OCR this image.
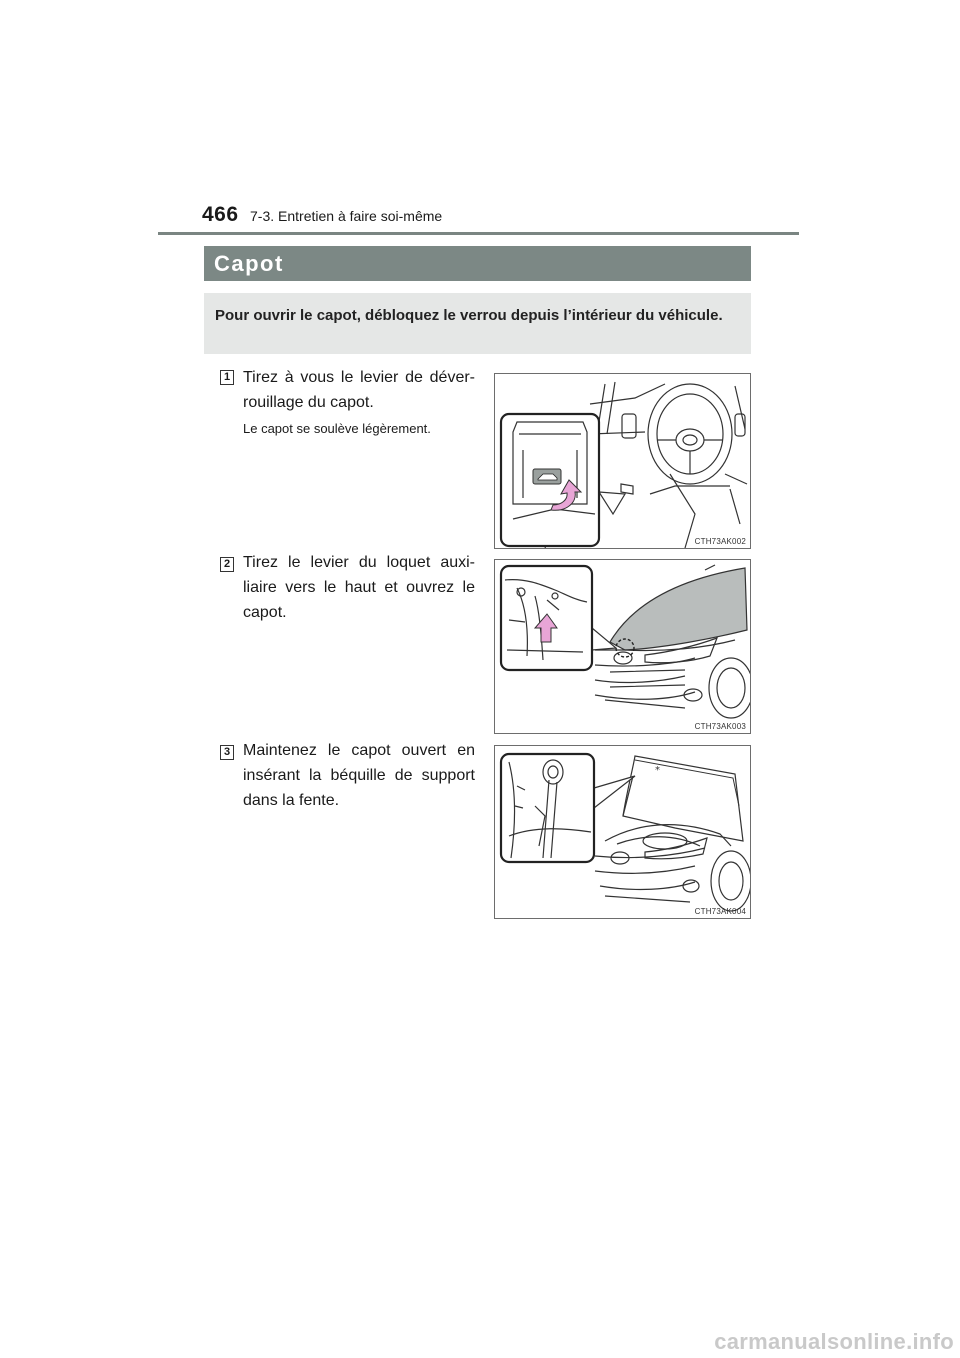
466 7-3. Entretien à faire soi-même
Capot
Pour ouvrir le capot, débloquez le verrou depuis l’intérieur du véhicule.
1 Tirez à vous le levier de déverrouillage du capot.
Le capot se soulève légèrement.
CTH73AK002
2 Tirez le levier du loquet auxiliaire vers le haut et ouvrez le capot.
CTH73AK003
3 Maintenez le capot ouvert en insérant la béquille de support dans la fente.
*
CTH73AK004
carmanualsonline.info
